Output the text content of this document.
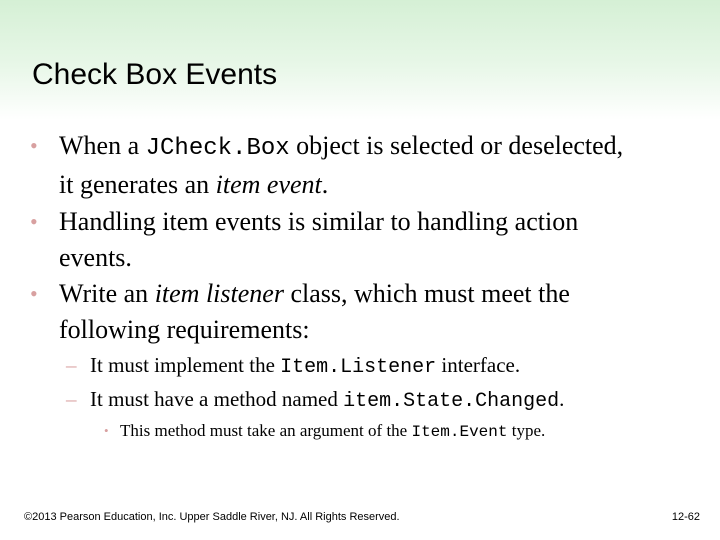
Check Box Events
• When a JCheck.Box object is selected or deselected,
it generates an item event.
• Handling item events is similar to handling action
events.
• Write an item listener class, which must meet the
following requirements:
– It must implement the Item.Listener interface.
– It must have a method named item.State.Changed.
• This method must take an argument of the Item.Event type.
©2013 Pearson Education, Inc. Upper Saddle River, NJ. All Rights Reserved.	12-62
